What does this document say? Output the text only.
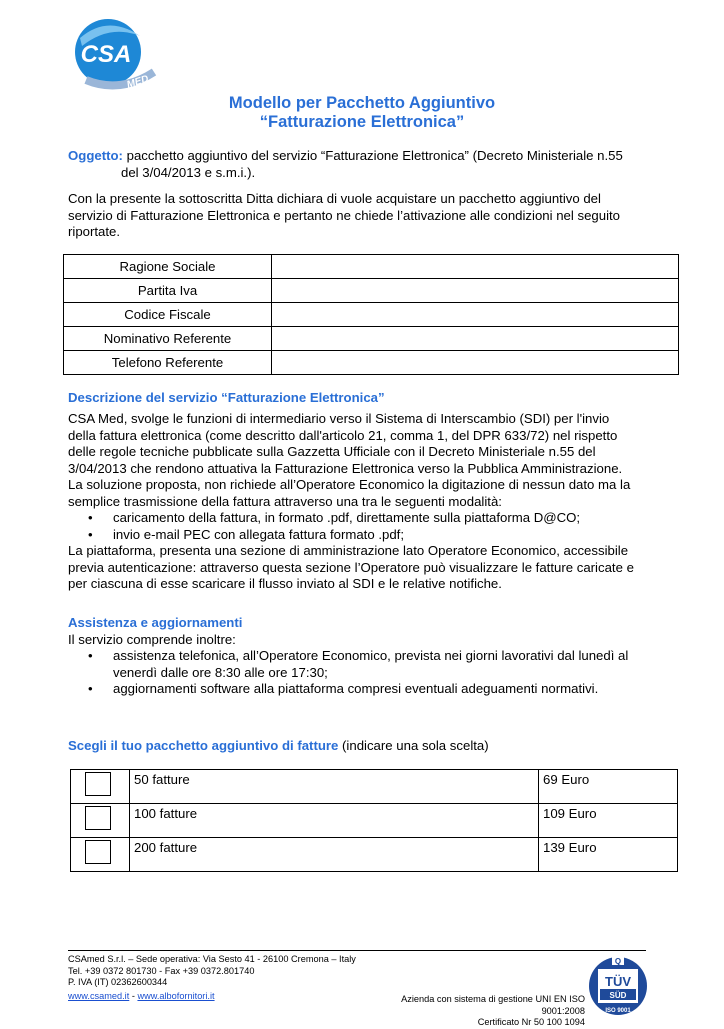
CSA
MED
Modello per Pacchetto Aggiuntivo
“Fatturazione Elettronica”
Oggetto: pacchetto aggiuntivo del servizio “Fatturazione Elettronica” (Decreto Ministeriale n.55
del 3/04/2013 e s.m.i.).
Con la presente la sottoscritta Ditta dichiara di vuole acquistare un pacchetto aggiuntivo del
servizio di Fatturazione Elettronica e pertanto ne chiede l’attivazione alle condizioni nel seguito
riportate.
Ragione Sociale	
Partita Iva	
Codice Fiscale	
Nominativo Referente	
Telefono Referente	
Descrizione del servizio “Fatturazione Elettronica”
CSA Med, svolge le funzioni di intermediario verso il Sistema di Interscambio (SDI) per l'invio
della fattura elettronica (come descritto dall'articolo 21, comma 1, del DPR 633/72) nel rispetto
delle regole tecniche pubblicate sulla Gazzetta Ufficiale con il Decreto Ministeriale n.55 del
3/04/2013 che rendono attuativa la Fatturazione Elettronica verso la Pubblica Amministrazione.
La soluzione proposta, non richiede all’Operatore Economico la digitazione di nessun dato ma la
semplice trasmissione della fattura attraverso una tra le seguenti modalità:
• caricamento della fattura, in formato .pdf, direttamente sulla piattaforma D@CO;
• invio e-mail PEC con allegata fattura formato .pdf;
La piattaforma, presenta una sezione di amministrazione lato Operatore Economico, accessibile
previa autenticazione: attraverso questa sezione l’Operatore può visualizzare le fatture caricate e
per ciascuna di esse scaricare il flusso inviato al SDI e le relative notifiche.
Assistenza e aggiornamenti
Il servizio comprende inoltre:
• assistenza telefonica, all’Operatore Economico, prevista nei giorni lavorativi dal lunedì al
venerdì dalle ore 8:30 alle ore 17:30;
• aggiornamenti software alla piattaforma compresi eventuali adeguamenti normativi.
Scegli il tuo pacchetto aggiuntivo di fatture (indicare una sola scelta)
	50 fatture	69 Euro
	100 fatture	109 Euro
	200 fatture	139 Euro
CSAmed S.r.l. – Sede operativa: Via Sesto 41 - 26100 Cremona – Italy
Tel. +39 0372 801730 - Fax +39 0372.801740
P. IVA (IT) 02362600344
www.csamed.it - www.albofornitori.it	Azienda con sistema di gestione UNI EN ISO 9001:2008
Certificato Nr 50 100 1094
Q
TÜV
SÜD
ISO 9001
